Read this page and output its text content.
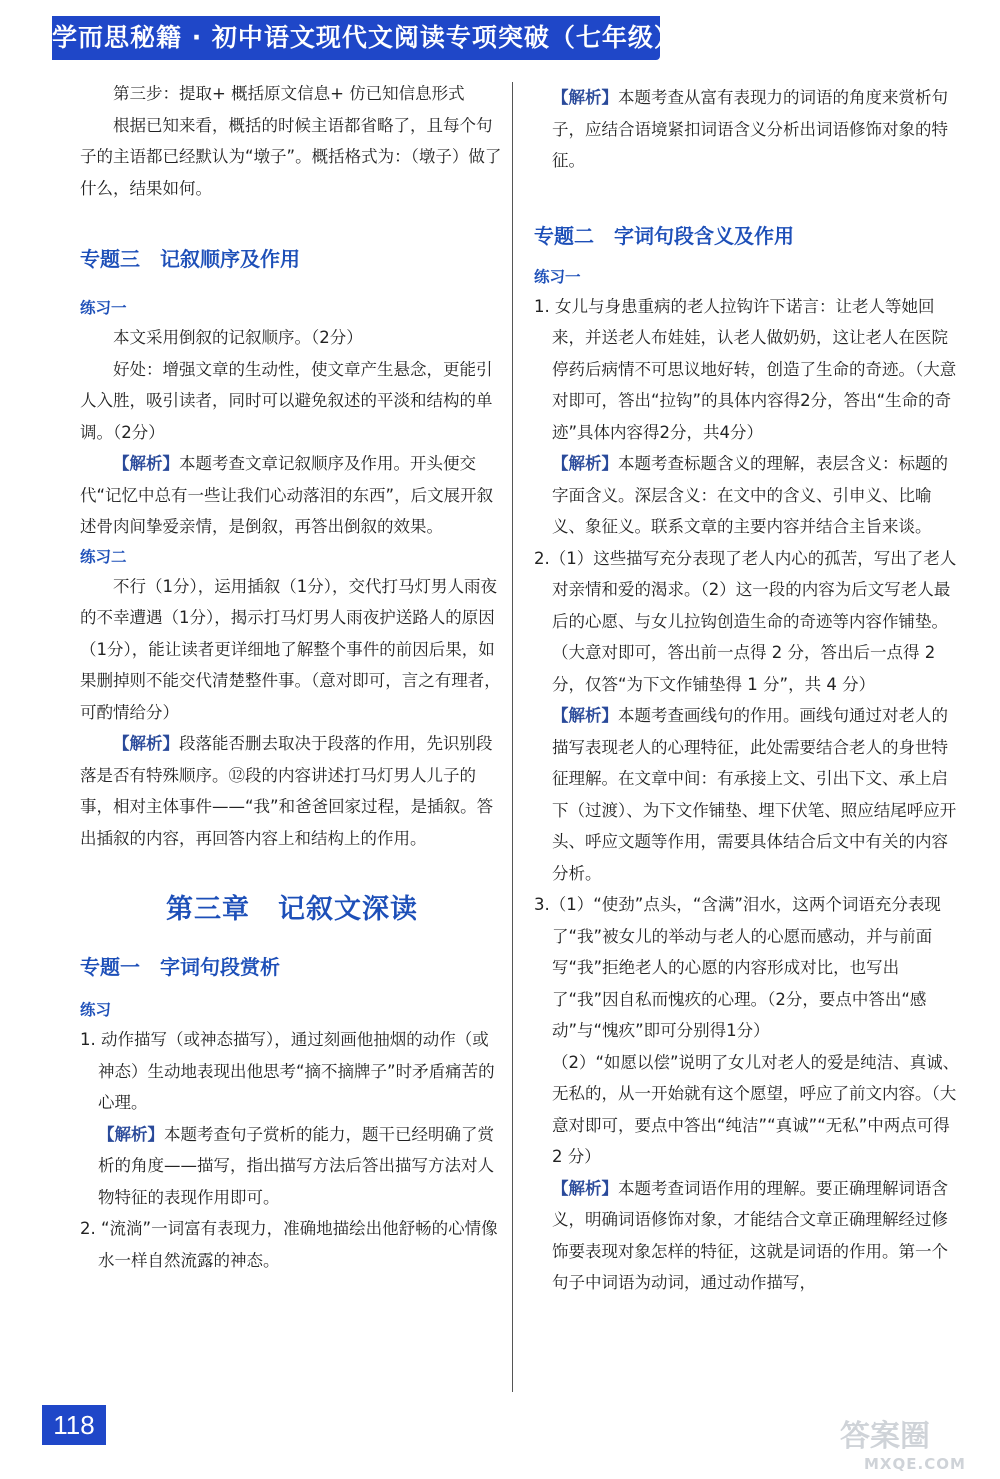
学而思秘籍 · 初中语文现代文阅读专项突破（七年级）

第三步：提取+ 概括原文信息+ 仿已知信息形式

根据已知来看，概括的时候主语都省略了，且每个句子的主语都已经默认为“墩子”。概括格式为：（墩子）做了什么，结果如何。

专题三　记叙顺序及作用

练习一

本文采用倒叙的记叙顺序。（2分）

好处：增强文章的生动性，使文章产生悬念，更能引人入胜，吸引读者，同时可以避免叙述的平淡和结构的单调。（2分）

【解析】本题考查文章记叙顺序及作用。开头便交代“记忆中总有一些让我们心动落泪的东西”，后文展开叙述骨肉间挚爱亲情，是倒叙，再答出倒叙的效果。

练习二

不行（1分），运用插叙（1分），交代打马灯男人雨夜的不幸遭遇（1分），揭示打马灯男人雨夜护送路人的原因（1分），能让读者更详细地了解整个事件的前因后果，如果删掉则不能交代清楚整件事。（意对即可，言之有理者，可酌情给分）

【解析】段落能否删去取决于段落的作用，先识别段落是否有特殊顺序。⑫段的内容讲述打马灯男人儿子的事，相对主体事件——“我”和爸爸回家过程，是插叙。答出插叙的内容，再回答内容上和结构上的作用。

第三章　记叙文深读

专题一　字词句段赏析

练习

1. 动作描写（或神态描写），通过刻画他抽烟的动作（或神态）生动地表现出他思考“摘不摘牌子”时矛盾痛苦的心理。

【解析】本题考查句子赏析的能力，题干已经明确了赏析的角度——描写，指出描写方法后答出描写方法对人物特征的表现作用即可。

2. “流淌”一词富有表现力，准确地描绘出他舒畅的心情像水一样自然流露的神态。

【解析】本题考查从富有表现力的词语的角度来赏析句子，应结合语境紧扣词语含义分析出词语修饰对象的特征。

专题二　字词句段含义及作用

练习一

1. 女儿与身患重病的老人拉钩许下诺言：让老人等她回来，并送老人布娃娃，认老人做奶奶，这让老人在医院停药后病情不可思议地好转，创造了生命的奇迹。（大意对即可，答出“拉钩”的具体内容得2分，答出“生命的奇迹”具体内容得2分，共4分）

【解析】本题考查标题含义的理解，表层含义：标题的字面含义。深层含义：在文中的含义、引申义、比喻义、象征义。联系文章的主要内容并结合主旨来谈。

2.（1）这些描写充分表现了老人内心的孤苦，写出了老人对亲情和爱的渴求。（2）这一段的内容为后文写老人最后的心愿、与女儿拉钩创造生命的奇迹等内容作铺垫。（大意对即可，答出前一点得 2 分，答出后一点得 2 分，仅答“为下文作铺垫得 1 分”，共 4 分）

【解析】本题考查画线句的作用。画线句通过对老人的描写表现老人的心理特征，此处需要结合老人的身世特征理解。在文章中间：有承接上文、引出下文、承上启下（过渡）、为下文作铺垫、埋下伏笔、照应结尾呼应开头、呼应文题等作用，需要具体结合后文中有关的内容分析。

3.（1）“使劲”点头，“含满”泪水，这两个词语充分表现了“我”被女儿的举动与老人的心愿而感动，并与前面写“我”拒绝老人的心愿的内容形成对比，也写出了“我”因自私而愧疚的心理。（2分，要点中答出“感动”与“愧疚”即可分别得1分）

（2）“如愿以偿”说明了女儿对老人的爱是纯洁、真诚、无私的，从一开始就有这个愿望，呼应了前文内容。（大意对即可，要点中答出“纯洁”“真诚”“无私”中两点可得 2 分）

【解析】本题考查词语作用的理解。要正确理解词语含义，明确词语修饰对象，才能结合文章正确理解经过修饰要表现对象怎样的特征，这就是词语的作用。第一个句子中词语为动词，通过动作描写，

118	答案圈
MXQE.COM
